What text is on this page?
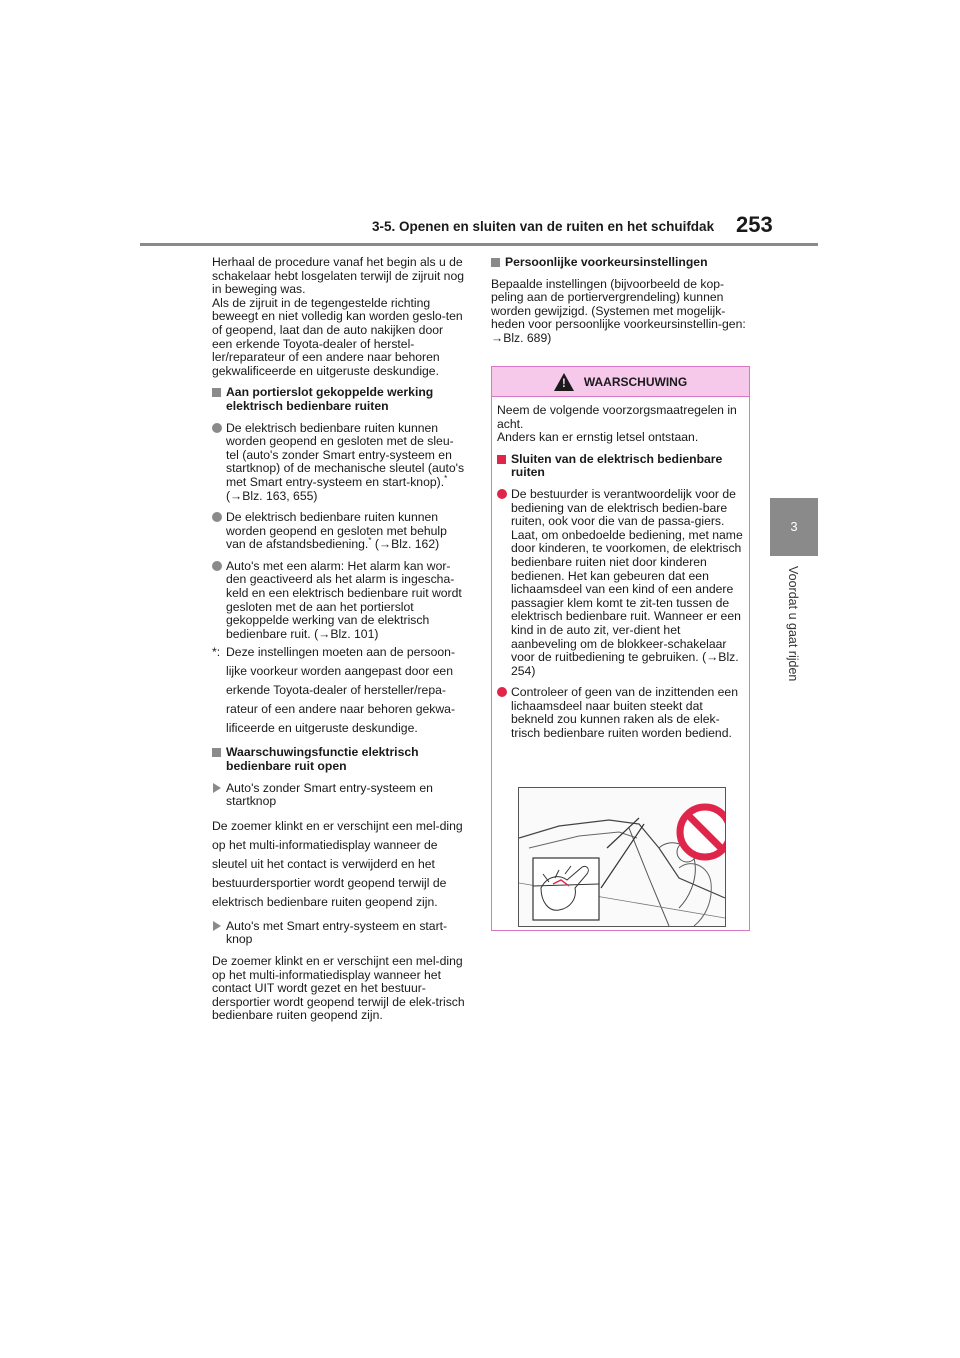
3-5. Openen en sluiten van de ruiten en het schuifdak 253
3
Voordat u gaat rijden

Herhaal de procedure vanaf het begin als u de schakelaar hebt losgelaten terwijl de zijruit nog in beweging was.

Als de zijruit in de tegengestelde richting beweegt en niet volledig kan worden geslo-ten of geopend, laat dan de auto nakijken door een erkende Toyota-dealer of herstel-ler/reparateur of een andere naar behoren gekwalificeerde en uitgeruste deskundige.

Aan portierslot gekoppelde werking elektrisch bedienbare ruiten
De elektrisch bedienbare ruiten kunnen worden geopend en gesloten met de sleu-tel (auto's zonder Smart entry-systeem en startknop) of de mechanische sleutel (auto's met Smart entry-systeem en start-knop).* (→Blz. 163, 655)
De elektrisch bedienbare ruiten kunnen worden geopend en gesloten met behulp van de afstandsbediening.* (→Blz. 162)
Auto's met een alarm: Het alarm kan wor-den geactiveerd als het alarm is ingescha-keld en een elektrisch bedienbare ruit wordt gesloten met de aan het portierslot gekoppelde werking van de elektrisch bedienbare ruit. (→Blz. 101)
*: Deze instellingen moeten aan de persoon-lijke voorkeur worden aangepast door een erkende Toyota-dealer of hersteller/repa-rateur of een andere naar behoren gekwa-lificeerde en uitgeruste deskundige.
Waarschuwingsfunctie elektrisch bedienbare ruit open
Auto's zonder Smart entry-systeem en startknop

De zoemer klinkt en er verschijnt een mel-ding op het multi-informatiedisplay wanneer de sleutel uit het contact is verwijderd en het bestuurdersportier wordt geopend terwijl de elektrisch bedienbare ruiten geopend zijn.

Auto's met Smart entry-systeem en start-knop

De zoemer klinkt en er verschijnt een mel-ding op het multi-informatiedisplay wanneer het contact UIT wordt gezet en het bestuur-dersportier wordt geopend terwijl de elek-trisch bedienbare ruiten geopend zijn.

Persoonlijke voorkeursinstellingen

Bepaalde instellingen (bijvoorbeeld de kop-peling aan de portiervergrendeling) kunnen worden gewijzigd. (Systemen met mogelijk-heden voor persoonlijke voorkeursinstellin-gen: →Blz. 689)

! WAARSCHUWING

Neem de volgende voorzorgsmaatregelen in acht.

Anders kan er ernstig letsel ontstaan.

Sluiten van de elektrisch bedienbare ruiten
De bestuurder is verantwoordelijk voor de bediening van de elektrisch bedien-bare ruiten, ook voor die van de passa-giers. Laat, om onbedoelde bediening, met name door kinderen, te voorkomen, de elektrisch bedienbare ruiten niet door kinderen bedienen. Het kan gebeuren dat een lichaamsdeel van een kind of een andere passagier klem komt te zit-ten tussen de elektrisch bedienbare ruit. Wanneer er een kind in de auto zit, ver-dient het aanbeveling om de blokkeer-schakelaar voor de ruitbediening te gebruiken. (→Blz. 254)
Controleer of geen van de inzittenden een lichaamsdeel naar buiten steekt dat bekneld zou kunnen raken als de elek-trisch bedienbare ruiten worden bediend.
